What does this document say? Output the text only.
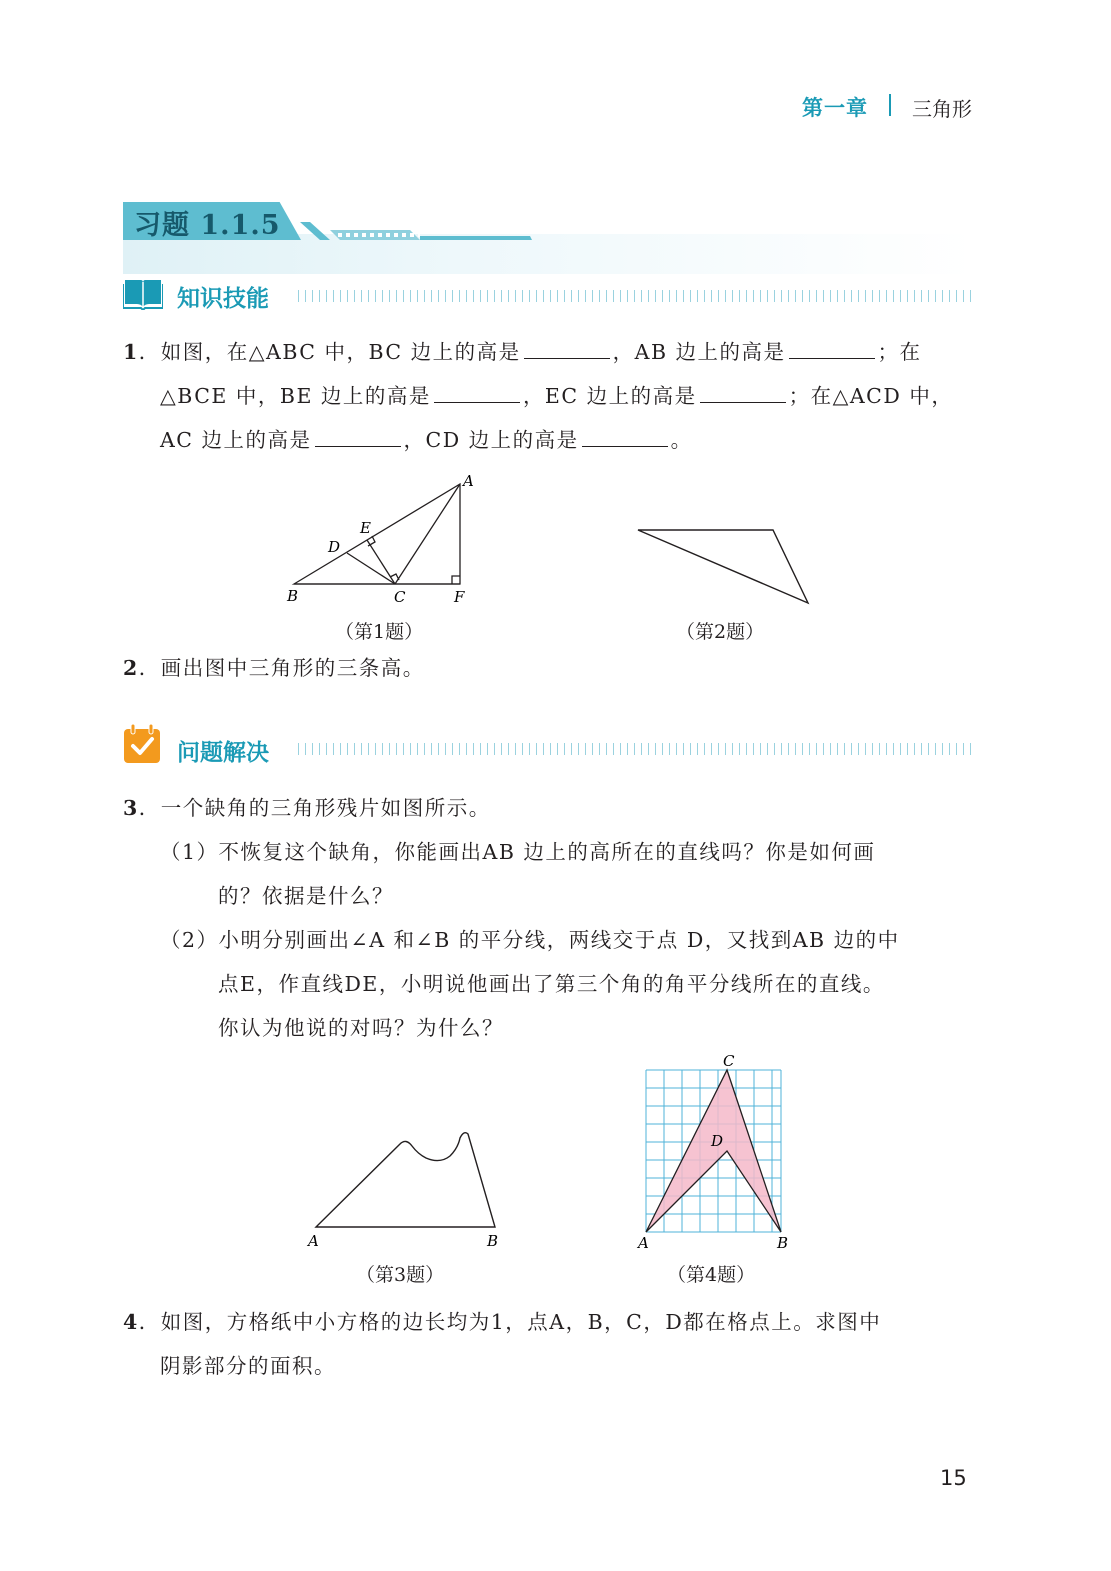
第一章 三角形
习题 1.1.5
知识技能
1．如图，在△ABC 中，BC 边上的高是	，AB 边上的高是	；在
△BCE 中，BE 边上的高是	，EC 边上的高是	；在△ACD 中，
AC 边上的高是	，CD 边上的高是	。
A
B	C
D
E
F
（第1题）	（第2题）
2．画出图中三角形的三条高。
问题解决
3．一个缺角的三角形残片如图所示。
（1）不恢复这个缺角，你能画出AB 边上的高所在的直线吗？你是如何画
的？依据是什么？
（2）小明分别画出∠A 和∠B 的平分线，两线交于点 D，又找到AB 边的中
点E，作直线DE，小明说他画出了第三个角的角平分线所在的直线。
你认为他说的对吗？为什么？
A	B
（第3题）
C
D
A	B
（第4题）
4．如图，方格纸中小方格的边长均为1，点A，B，C，D都在格点上。求图中
阴影部分的面积。
15
